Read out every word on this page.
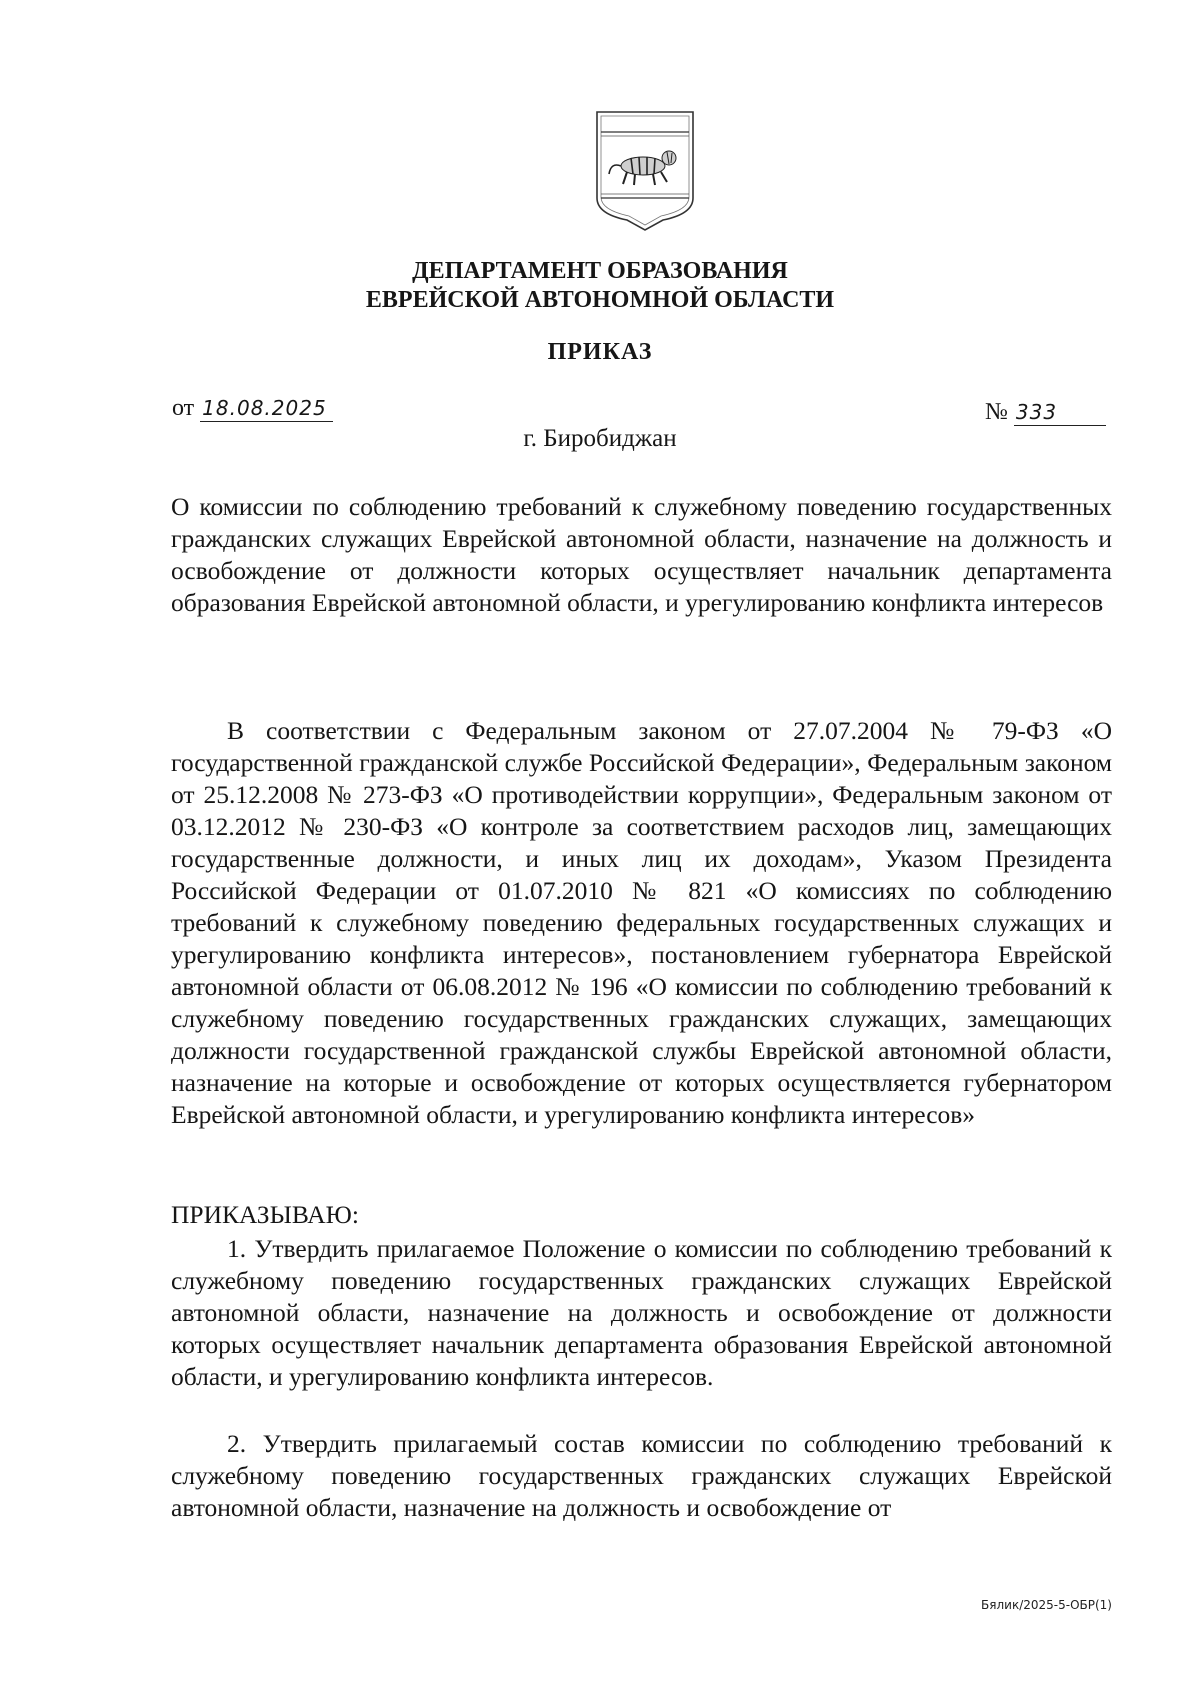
ДЕПАРТАМЕНТ ОБРАЗОВАНИЯ
ЕВРЕЙСКОЙ АВТОНОМНОЙ ОБЛАСТИ
ПРИКАЗ
от 18.08.2025	№ 333
г. Биробиджан

О комиссии по соблюдению требований к служебному поведению государственных гражданских служащих Еврейской автономной области, назначение на должность и освобождение от должности которых осуществляет начальник департамента образования Еврейской автономной области, и урегулированию конфликта интересов

В соответствии с Федеральным законом от 27.07.2004 № 79-ФЗ «О государственной гражданской службе Российской Федерации», Федеральным законом от 25.12.2008 № 273-ФЗ «О противодействии коррупции», Федеральным законом от 03.12.2012 № 230-ФЗ «О контроле за соответствием расходов лиц, замещающих государственные должности, и иных лиц их доходам», Указом Президента Российской Федерации от 01.07.2010 № 821 «О комиссиях по соблюдению требований к служебному поведению федеральных государственных служащих и урегулированию конфликта интересов», постановлением губернатора Еврейской автономной области от 06.08.2012 № 196 «О комиссии по соблюдению требований к служебному поведению государственных гражданских служащих, замещающих должности государственной гражданской службы Еврейской автономной области, назначение на которые и освобождение от которых осуществляется губернатором Еврейской автономной области, и урегулированию конфликта интересов»

ПРИКАЗЫВАЮ:

1. Утвердить прилагаемое Положение о комиссии по соблюдению требований к служебному поведению государственных гражданских служащих Еврейской автономной области, назначение на должность и освобождение от должности которых осуществляет начальник департамента образования Еврейской автономной области, и урегулированию конфликта интересов.

2. Утвердить прилагаемый состав комиссии по соблюдению требований к служебному поведению государственных гражданских служащих Еврейской автономной области, назначение на должность и освобождение от

Бялик/2025-5-ОБР(1)
